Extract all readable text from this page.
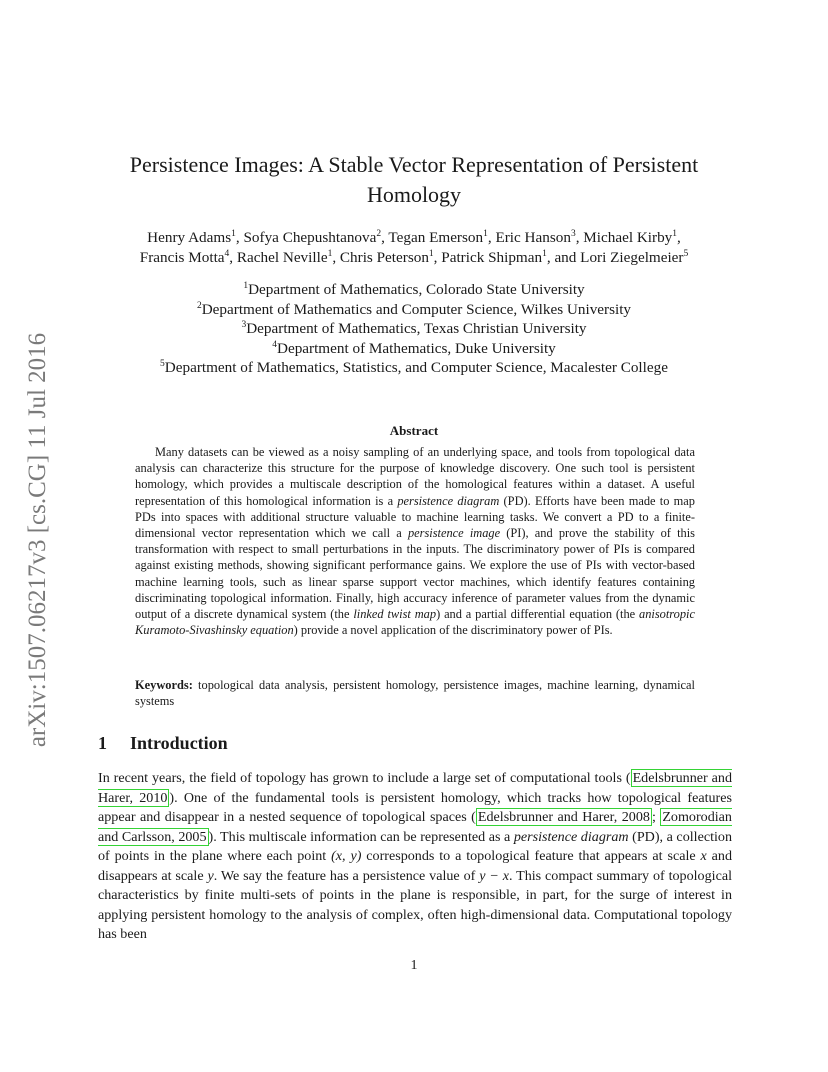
arXiv:1507.06217v3 [cs.CG] 11 Jul 2016
Persistence Images: A Stable Vector Representation of Persistent
Homology
Henry Adams$^1$, Sofya Chepushtanova$^2$, Tegan Emerson$^1$, Eric Hanson$^3$, Michael Kirby$^1$,
Francis Motta$^4$, Rachel Neville$^1$, Chris Peterson$^1$, Patrick Shipman$^1$, and Lori Ziegelmeier$^5$
$^1$Department of Mathematics, Colorado State University
$^2$Department of Mathematics and Computer Science, Wilkes University
$^3$Department of Mathematics, Texas Christian University
$^4$Department of Mathematics, Duke University
$^5$Department of Mathematics, Statistics, and Computer Science, Macalester College
Abstract

Many datasets can be viewed as a noisy sampling of an underlying space, and tools from topological data analysis can characterize this structure for the purpose of knowledge discovery. One such tool is persistent homology, which provides a multiscale description of the homological features within a dataset. A useful representation of this homological information is a persistence diagram (PD). Efforts have been made to map PDs into spaces with additional structure valuable to machine learning tasks. We convert a PD to a finite-dimensional vector representation which we call a persistence image (PI), and prove the stability of this transformation with respect to small perturbations in the inputs. The discriminatory power of PIs is compared against existing methods, showing significant performance gains. We explore the use of PIs with vector-based machine learning tools, such as linear sparse support vector machines, which identify features containing discriminating topological information. Finally, high accuracy inference of parameter values from the dynamic output of a discrete dynamical system (the linked twist map) and a partial differential equation (the anisotropic Kuramoto-Sivashinsky equation) provide a novel application of the discriminatory power of PIs.

Keywords: topological data analysis, persistent homology, persistence images, machine learning, dynamical systems
1 Introduction
In recent years, the field of topology has grown to include a large set of computational tools ( Edelsbrunner and Harer, 2010 ). One of the fundamental tools is persistent homology, which tracks how topological features appear and disappear in a nested sequence of topological spaces ( Edelsbrunner and Harer, 2008 ; Zomorodian and Carlsson, 2005 ). This multiscale information can be represented as a persistence diagram (PD), a collection of points in the plane where each point (x, y) corresponds to a topological feature that appears at scale x and disappears at scale y. We say the feature has a persistence value of y − x. This compact summary of topological characteristics by finite multi-sets of points in the plane is responsible, in part, for the surge of interest in applying persistent homology to the analysis of complex, often high-dimensional data. Computational topology has been
1
